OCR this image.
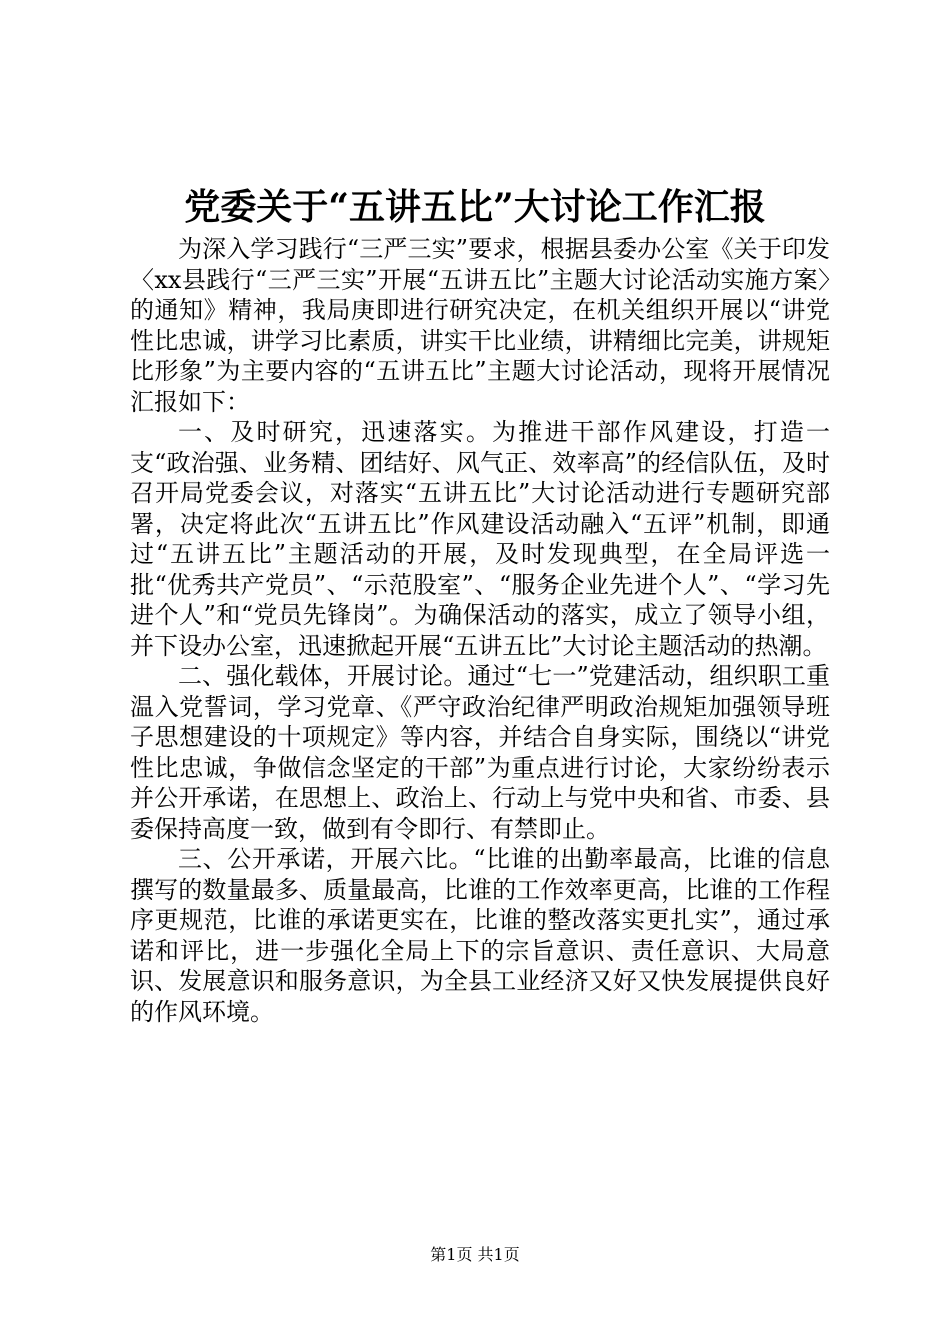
党委关于“五讲五比”大讨论工作汇报

为深入学习践行“三严三实”要求，根据县委办公室《关于印发〈xx县践行“三严三实”开展“五讲五比”主题大讨论活动实施方案〉的通知》精神，我局庚即进行研究决定，在机关组织开展以“讲党性比忠诚，讲学习比素质，讲实干比业绩，讲精细比完美，讲规矩比形象”为主要内容的“五讲五比”主题大讨论活动，现将开展情况汇报如下：

一、及时研究，迅速落实。为推进干部作风建设，打造一支“政治强、业务精、团结好、风气正、效率高”的经信队伍，及时召开局党委会议，对落实“五讲五比”大讨论活动进行专题研究部署，决定将此次“五讲五比”作风建设活动融入“五评”机制，即通过“五讲五比”主题活动的开展，及时发现典型，在全局评选一批“优秀共产党员”、“示范股室”、“服务企业先进个人”、“学习先进个人”和“党员先锋岗”。为确保活动的落实，成立了领导小组，并下设办公室，迅速掀起开展“五讲五比”大讨论主题活动的热潮。

二、强化载体，开展讨论。通过“七一”党建活动，组织职工重温入党誓词，学习党章、《严守政治纪律严明政治规矩加强领导班子思想建设的十项规定》等内容，并结合自身实际，围绕以“讲党性比忠诚，争做信念坚定的干部”为重点进行讨论，大家纷纷表示并公开承诺，在思想上、政治上、行动上与党中央和省、市委、县委保持高度一致，做到有令即行、有禁即止。

三、公开承诺，开展六比。“比谁的出勤率最高，比谁的信息撰写的数量最多、质量最高，比谁的工作效率更高，比谁的工作程序更规范，比谁的承诺更实在，比谁的整改落实更扎实”，通过承诺和评比，进一步强化全局上下的宗旨意识、责任意识、大局意识、发展意识和服务意识，为全县工业经济又好又快发展提供良好的作风环境。

第1页 共1页
